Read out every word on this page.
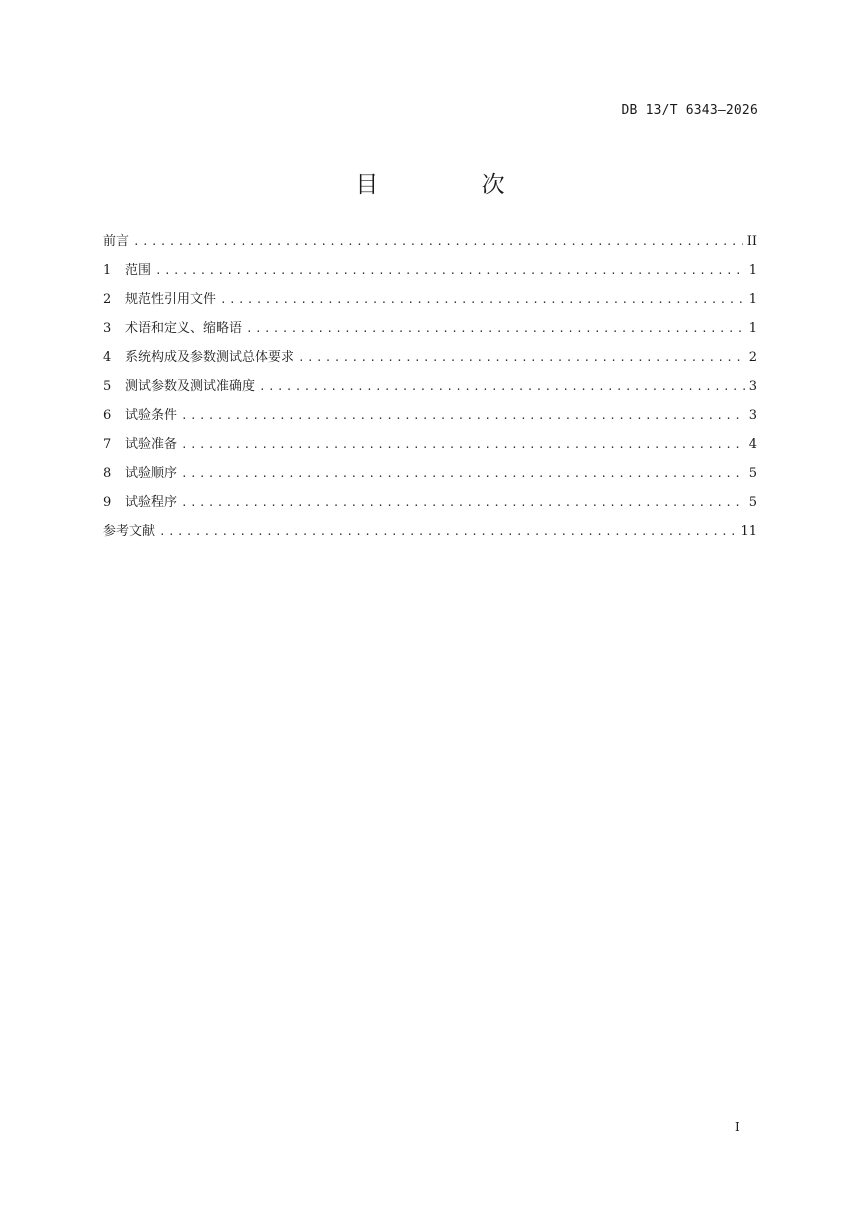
DB 13/T 6343—2026
目 次
前言 .....	II
1	范围 .....	1
2	规范性引用文件 .....	1
3	术语和定义、缩略语 .....	1
4	系统构成及参数测试总体要求 .....	2
5	测试参数及测试准确度 .....	3
6	试验条件 .....	3
7	试验准备 .....	4
8	试验顺序 .....	5
9	试验程序 .....	5
参考文献 .....	11
I
